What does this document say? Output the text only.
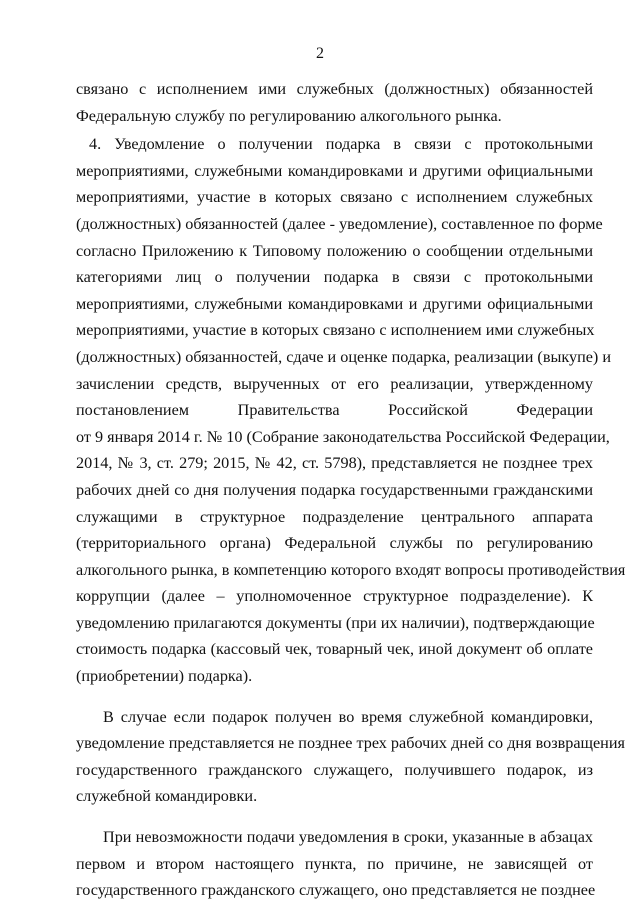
2
связано с исполнением ими служебных (должностных) обязанностей
Федеральную службу по регулированию алкогольного рынка.
4. Уведомление о получении подарка в связи с протокольными
мероприятиями, служебными командировками и другими официальными
мероприятиями, участие в которых связано с исполнением служебных
(должностных) обязанностей (далее - уведомление), составленное по форме
согласно Приложению к Типовому положению о сообщении отдельными
категориями лиц о получении подарка в связи с протокольными
мероприятиями, служебными командировками и другими официальными
мероприятиями, участие в которых связано с исполнением ими служебных
(должностных) обязанностей, сдаче и оценке подарка, реализации (выкупе) и
зачислении средств, вырученных от его реализации, утвержденному
постановлением Правительства Российской Федерации
от 9 января 2014 г. № 10 (Собрание законодательства Российской Федерации,
2014, № 3, ст. 279; 2015, № 42, ст. 5798), представляется не позднее трех
рабочих дней со дня получения подарка государственными гражданскими
служащими в структурное подразделение центрального аппарата
(территориального органа) Федеральной службы по регулированию
алкогольного рынка, в компетенцию которого входят вопросы противодействия
коррупции (далее – уполномоченное структурное подразделение). К
уведомлению прилагаются документы (при их наличии), подтверждающие
стоимость подарка (кассовый чек, товарный чек, иной документ об оплате
(приобретении) подарка).
В случае если подарок получен во время служебной командировки,
уведомление представляется не позднее трех рабочих дней со дня возвращения
государственного гражданского служащего, получившего подарок, из
служебной командировки.
При невозможности подачи уведомления в сроки, указанные в абзацах
первом и втором настоящего пункта, по причине, не зависящей от
государственного гражданского служащего, оно представляется не позднее
